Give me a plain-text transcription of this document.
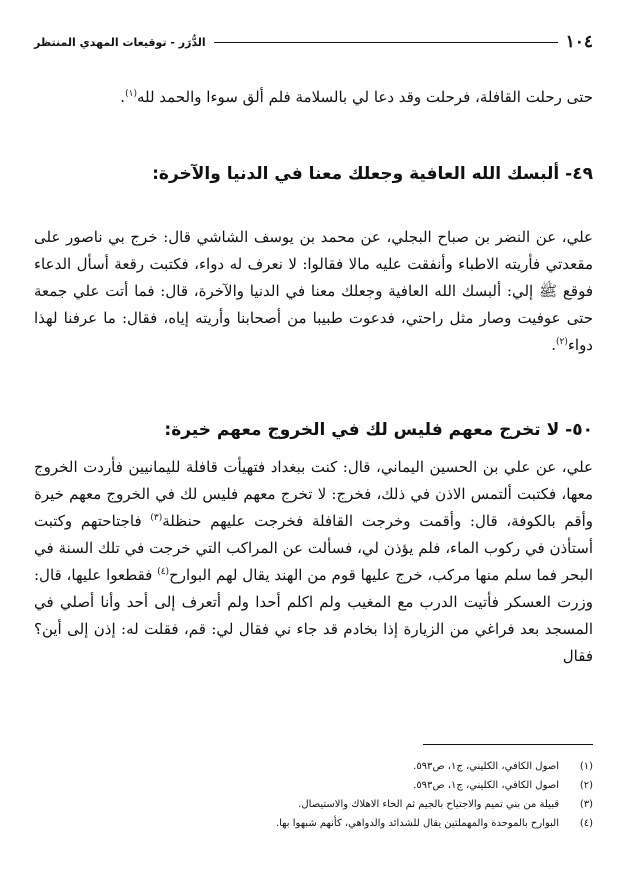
١٠٤
الدُّرَر - توقيعات المهدي المنتظر

حتى رحلت القافلة، فرحلت وقد دعا لي بالسلامة فلم ألق سوءا والحمد لله$^{(١)}$.

٤٩- ألبسك الله العافية وجعلك معنا في الدنيا والآخرة:

علي، عن النضر بن صباح البجلي، عن محمد بن يوسف الشاشي قال: خرج بي ناصور على مقعدتي فأريته الاطباء وأنفقت عليه مالا فقالوا: لا نعرف له دواء، فكتبت رقعة أسأل الدعاء فوقع ﷺ إلي: ألبسك الله العافية وجعلك معنا في الدنيا والآخرة، قال: فما أتت علي جمعة حتى عوفيت وصار مثل راحتي، فدعوت طبيبا من أصحابنا وأريته إياه، فقال: ما عرفنا لهذا دواء$^{(٢)}$.

٥٠- لا تخرج معهم فليس لك في الخروج معهم خيرة:

علي، عن علي بن الحسين اليماني، قال: كنت ببغداد فتهيأت قافلة لليمانيين فأردت الخروج معها، فكتبت ألتمس الاذن في ذلك، فخرج: لا تخرج معهم فليس لك في الخروج معهم خيرة وأقم بالكوفة، قال: وأقمت وخرجت القافلة فخرجت عليهم حنظلة$^{(٣)}$ فاجتاحتهم وكتبت أستأذن في ركوب الماء، فلم يؤذن لي، فسألت عن المراكب التي خرجت في تلك السنة في البحر فما سلم منها مركب، خرج عليها قوم من الهند يقال لهم البوارح$^{(٤)}$ فقطعوا عليها، قال: وزرت العسكر فأتيت الدرب مع المغيب ولم اكلم أحدا ولم أتعرف إلى أحد وأنا أصلي في المسجد بعد فراغي من الزيارة إذا بخادم قد جاء ني فقال لي: قم، فقلت له: إذن إلى أين؟ فقال

(١)
اصول الكافي، الكليني، ج١، ص٥٩٣.
(٢)
اصول الكافي، الكليني، ج١، ص٥٩٣.
(٣)
قبيلة من بني تميم والاجتياح بالجيم ثم الحاء الاهلاك والاستيصال.
(٤)
البوارح بالموحدة والمهملتين يقال للشدائد والدواهي، كأنهم شبهوا بها.
